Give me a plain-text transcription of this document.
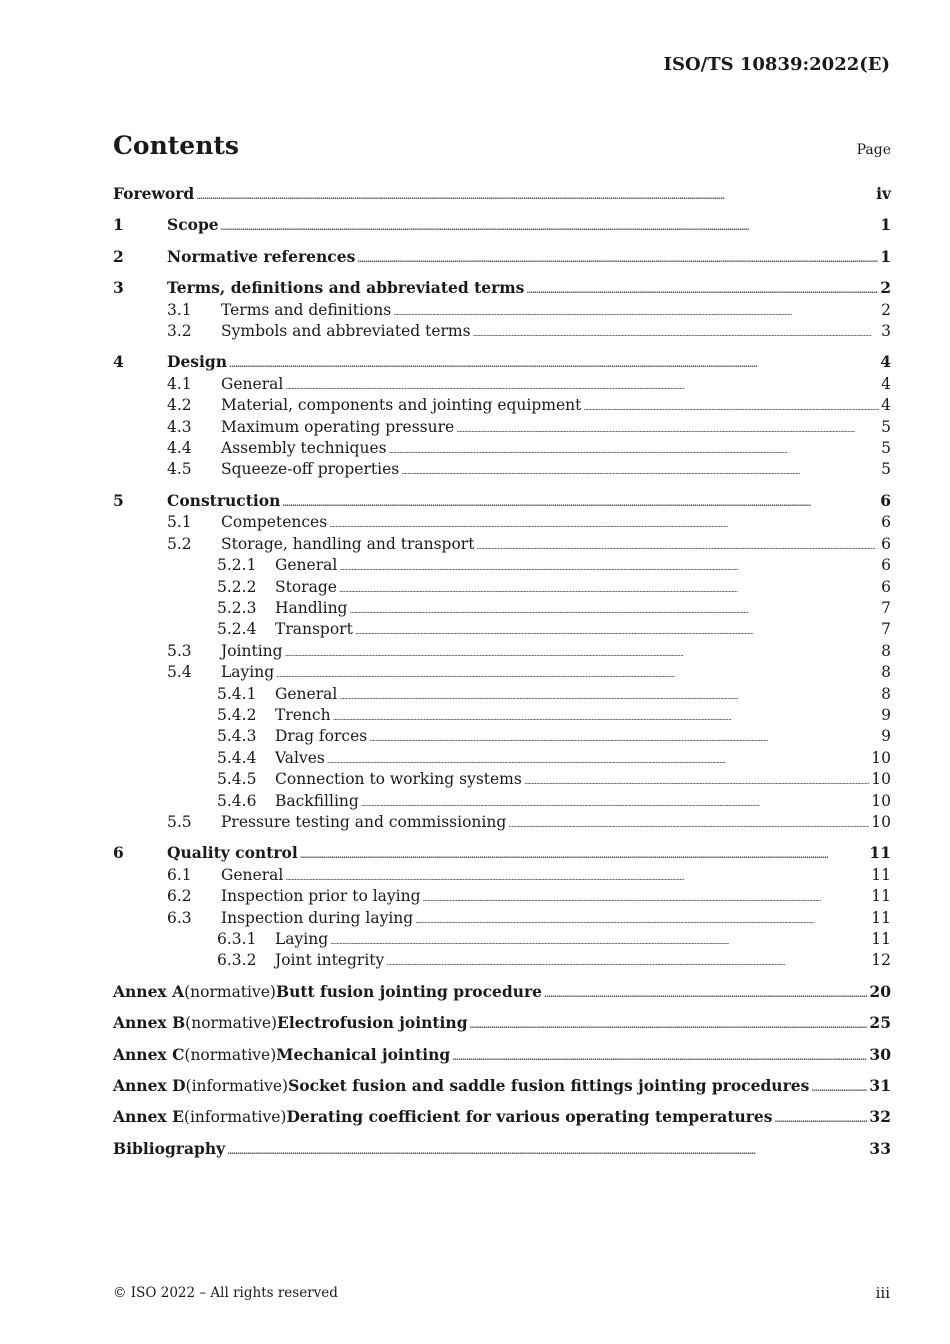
ISO/TS 10839:2022(E)
Contents	Page
Foreword . . .	iv
1	Scope . . .	1
2	Normative references . . .	1
3	Terms, definitions and abbreviated terms . . .	2
3.1	Terms and definitions . . .	2
3.2	Symbols and abbreviated terms . . .	3
4	Design . . .	4
4.1	General . . .	4
4.2	Material, components and jointing equipment . . .	4
4.3	Maximum operating pressure . . .	5
4.4	Assembly techniques . . .	5
4.5	Squeeze-off properties . . .	5
5	Construction . . .	6
5.1	Competences . . .	6
5.2	Storage, handling and transport . . .	6
5.2.1	General . . .	6
5.2.2	Storage . . .	6
5.2.3	Handling . . .	7
5.2.4	Transport . . .	7
5.3	Jointing . . .	8
5.4	Laying . . .	8
5.4.1	General . . .	8
5.4.2	Trench . . .	9
5.4.3	Drag forces . . .	9
5.4.4	Valves . . .	10
5.4.5	Connection to working systems . . .	10
5.4.6	Backfilling . . .	10
5.5	Pressure testing and commissioning . . .	10
6	Quality control . . .	11
6.1	General . . .	11
6.2	Inspection prior to laying . . .	11
6.3	Inspection during laying . . .	11
6.3.1	Laying . . .	11
6.3.2	Joint integrity . . .	12
Annex A (normative) Butt fusion jointing procedure . . .	20
Annex B (normative) Electrofusion jointing . . .	25
Annex C (normative) Mechanical jointing . . .	30
Annex D (informative) Socket fusion and saddle fusion fittings jointing procedures . . .	31
Annex E (informative) Derating coefficient for various operating temperatures . . .	32
Bibliography . . .	33
© ISO 2022 – All rights reserved	iii
